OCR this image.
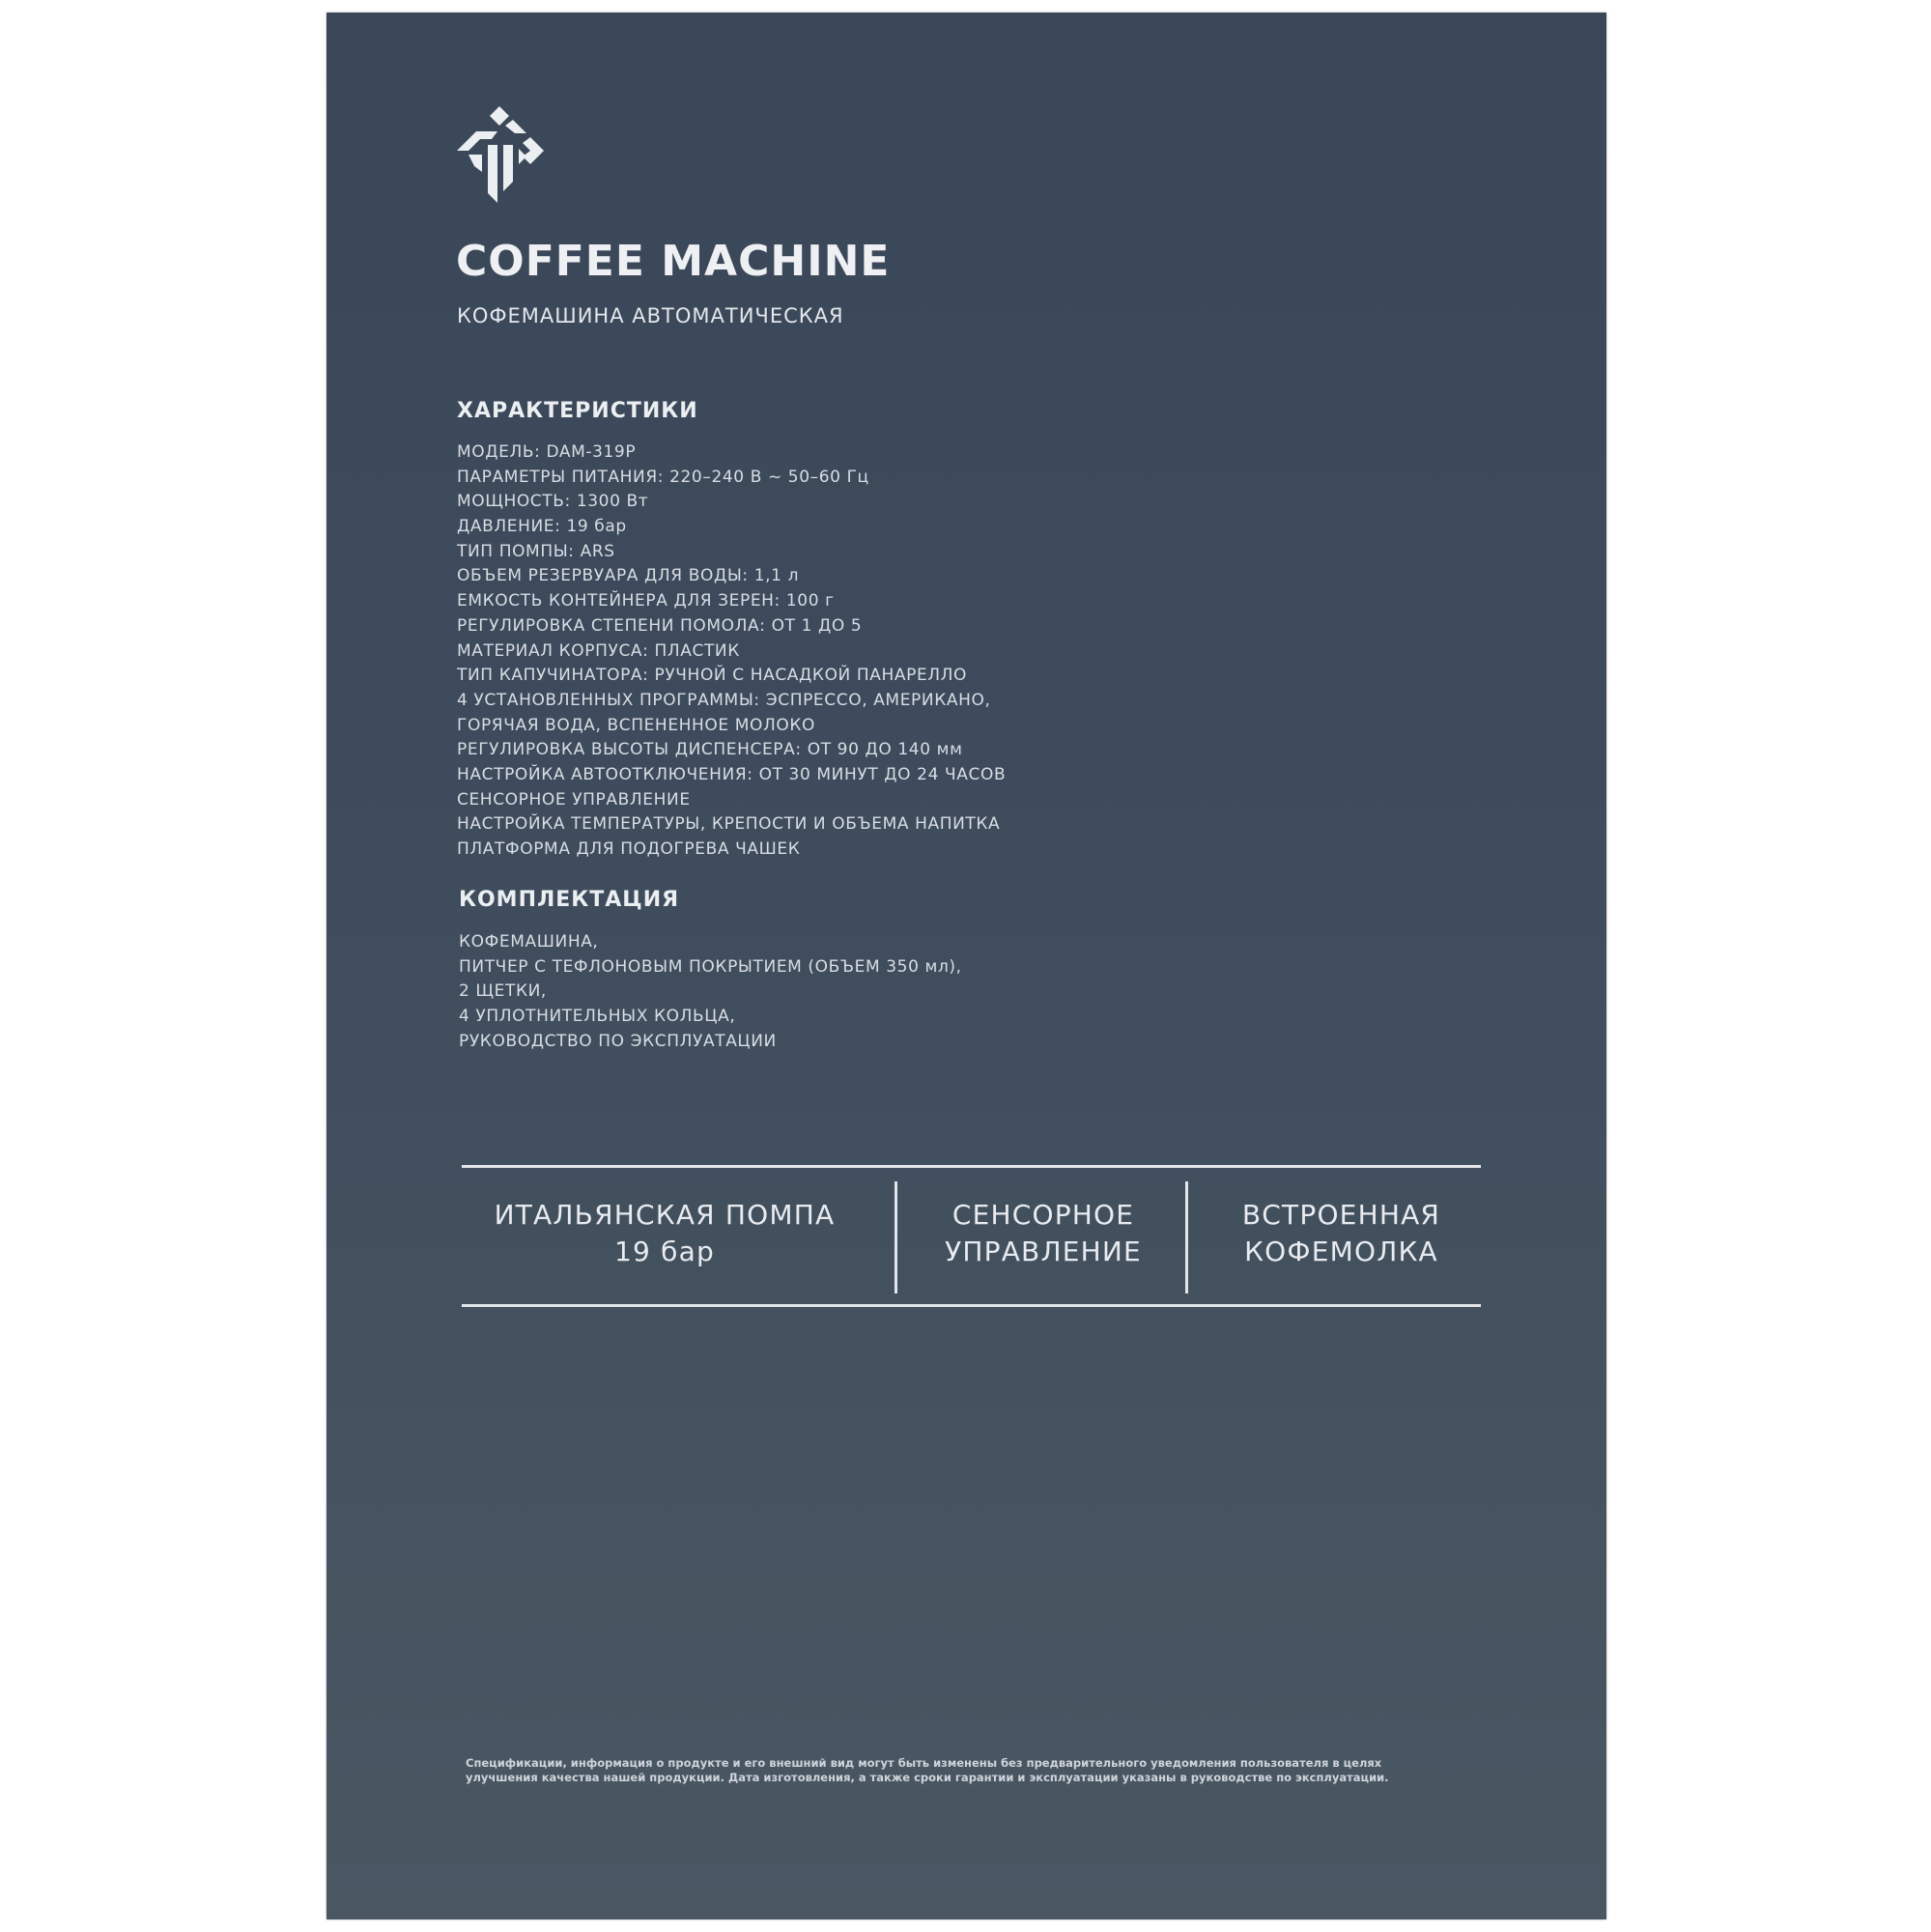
COFFEE MACHINE

КОФЕМАШИНА АВТОМАТИЧЕСКАЯ

ХАРАКТЕРИСТИКИ
МОДЕЛЬ: DAM-319P
ПАРАМЕТРЫ ПИТАНИЯ: 220–240 В ~ 50–60 Гц
МОЩНОСТЬ: 1300 Вт
ДАВЛЕНИЕ: 19 бар
ТИП ПОМПЫ: ARS
ОБЪЕМ РЕЗЕРВУАРА ДЛЯ ВОДЫ: 1,1 л
ЕМКОСТЬ КОНТЕЙНЕРА ДЛЯ ЗЕРЕН: 100 г
РЕГУЛИРОВКА СТЕПЕНИ ПОМОЛА: ОТ 1 ДО 5
МАТЕРИАЛ КОРПУСА: ПЛАСТИК
ТИП КАПУЧИНАТОРА: РУЧНОЙ С НАСАДКОЙ ПАНАРЕЛЛО
4 УСТАНОВЛЕННЫХ ПРОГРАММЫ: ЭСПРЕССО, АМЕРИКАНО,
ГОРЯЧАЯ ВОДА, ВСПЕНЕННОЕ МОЛОКО
РЕГУЛИРОВКА ВЫСОТЫ ДИСПЕНСЕРА: ОТ 90 ДО 140 мм
НАСТРОЙКА АВТООТКЛЮЧЕНИЯ: ОТ 30 МИНУТ ДО 24 ЧАСОВ
СЕНСОРНОЕ УПРАВЛЕНИЕ
НАСТРОЙКА ТЕМПЕРАТУРЫ, КРЕПОСТИ И ОБЪЕМА НАПИТКА
ПЛАТФОРМА ДЛЯ ПОДОГРЕВА ЧАШЕК
КОМПЛЕКТАЦИЯ
КОФЕМАШИНА,
ПИТЧЕР С ТЕФЛОНОВЫМ ПОКРЫТИЕМ (ОБЪЕМ 350 мл),
2 ЩЕТКИ,
4 УПЛОТНИТЕЛЬНЫХ КОЛЬЦА,
РУКОВОДСТВО ПО ЭКСПЛУАТАЦИИ

ИТАЛЬЯНСКАЯ ПОМПА
19 бар

СЕНСОРНОЕ
УПРАВЛЕНИЕ

ВСТРОЕННАЯ
КОФЕМОЛКА

Спецификации, информация о продукте и его внешний вид могут быть изменены без предварительного уведомления пользователя в целях
улучшения качества нашей продукции. Дата изготовления, а также сроки гарантии и эксплуатации указаны в руководстве по эксплуатации.
